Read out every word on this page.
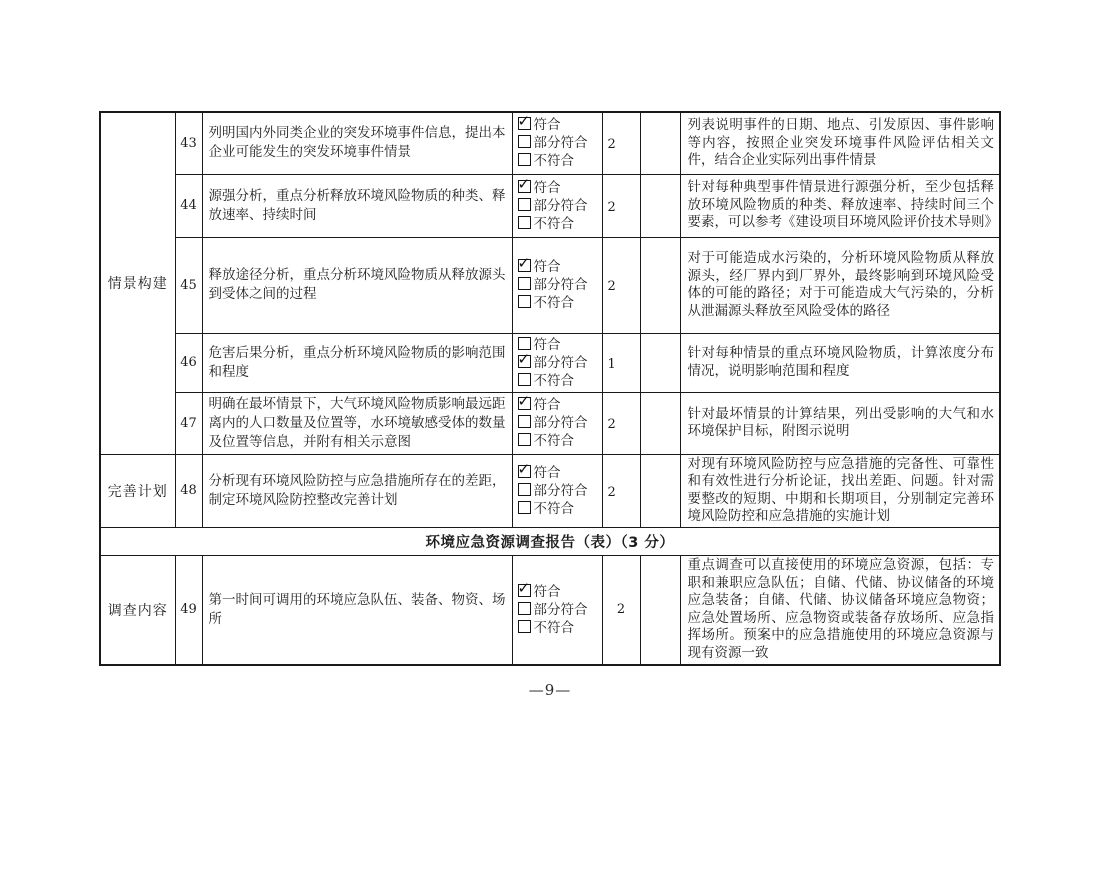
情景构建	43	列明国内外同类企业的突发环境事件信息，提出本企业可能发生的突发环境事件情景	
✓符合
部分符合
不符合	2		列表说明事件的日期、地点、引发原因、事件影响等内容，按照企业突发环境事件风险评估相关文件，结合企业实际列出事件情景
	44	源强分析，重点分析释放环境风险物质的种类、释放速率、持续时间	
✓符合
部分符合
不符合	2		针对每种典型事件情景进行源强分析，至少包括释放环境风险物质的种类、释放速率、持续时间三个要素，可以参考《建设项目环境风险评价技术导则》
	45	释放途径分析，重点分析环境风险物质从释放源头到受体之间的过程	
✓符合
部分符合
不符合	2		对于可能造成水污染的，分析环境风险物质从释放源头，经厂界内到厂界外，最终影响到环境风险受体的可能的路径；对于可能造成大气污染的，分析从泄漏源头释放至风险受体的路径
	46	危害后果分析，重点分析环境风险物质的影响范围和程度	符合
✓部分符合
不符合	1		针对每种情景的重点环境风险物质，计算浓度分布情况，说明影响范围和程度
	47	明确在最坏情景下，大气环境风险物质影响最远距离内的人口数量及位置等，水环境敏感受体的数量及位置等信息，并附有相关示意图	
✓符合
部分符合
不符合	2		针对最坏情景的计算结果，列出受影响的大气和水环境保护目标，附图示说明
完善计划	48	分析现有环境风险防控与应急措施所存在的差距，制定环境风险防控整改完善计划	
✓符合
部分符合
不符合	2		对现有环境风险防控与应急措施的完备性、可靠性和有效性进行分析论证，找出差距、问题。针对需要整改的短期、中期和长期项目，分别制定完善环境风险防控和应急措施的实施计划
环境应急资源调查报告（表）（3 分）						
调查内容	49	第一时间可调用的环境应急队伍、装备、物资、场所	
✓符合
部分符合
不符合	2		重点调查可以直接使用的环境应急资源，包括：专职和兼职应急队伍；自储、代储、协议储备的环境应急装备；自储、代储、协议储备环境应急物资；应急处置场所、应急物资或装备存放场所、应急指挥场所。预案中的应急措施使用的环境应急资源与现有资源一致
—9—
